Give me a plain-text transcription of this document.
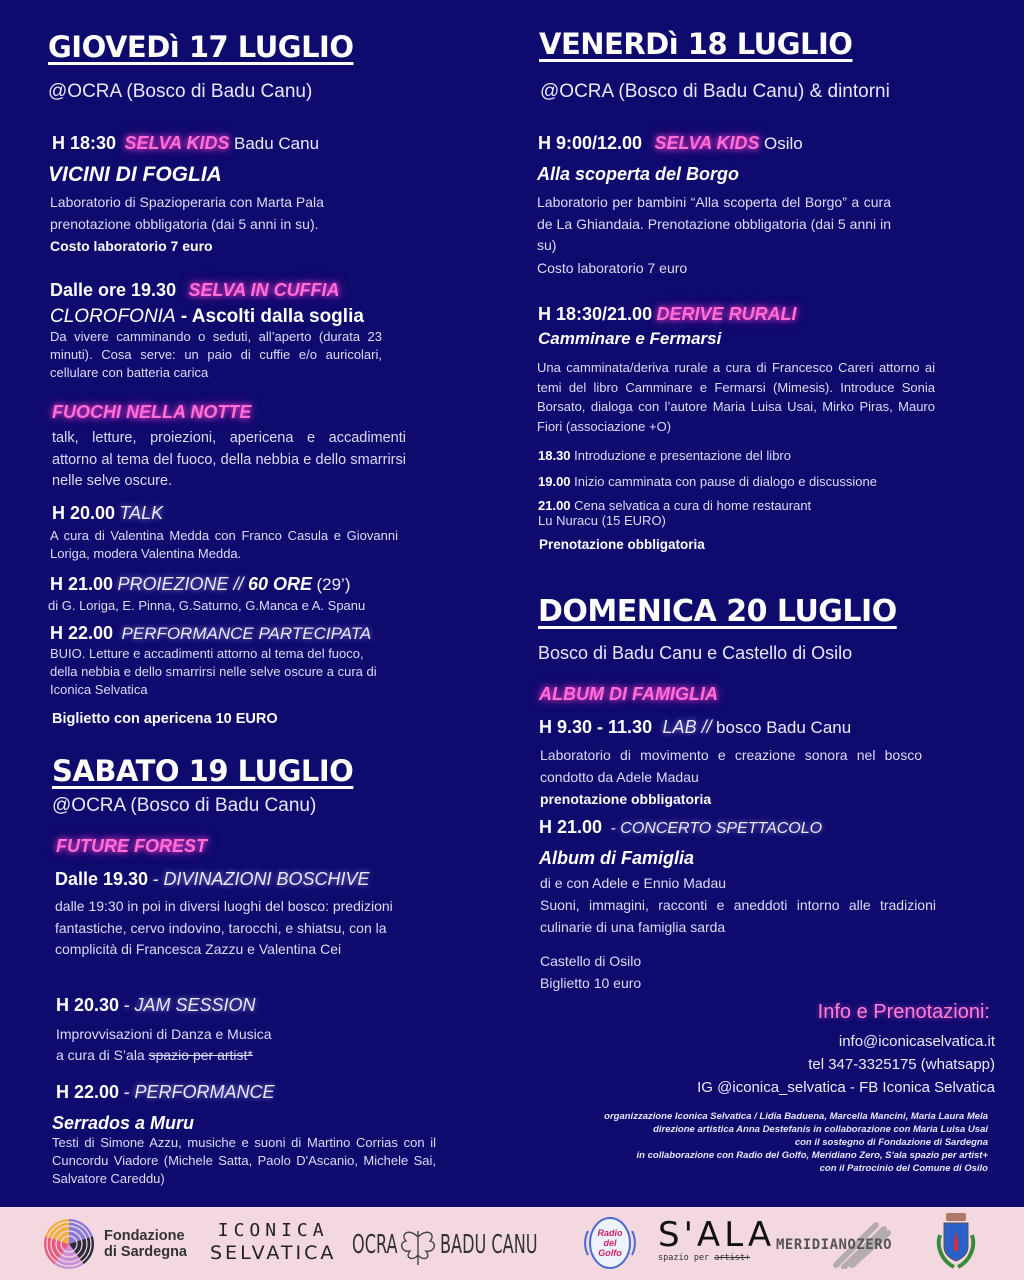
GIOVEDì 17 LUGLIO
@OCRA (Bosco di Badu Canu)
H 18:30 SELVA KIDS Badu Canu
VICINI DI FOGLIA
Laboratorio di Spazioperaria con Marta Pala
prenotazione obbligatoria (dai 5 anni in su).
Costo laboratorio 7 euro
Dalle ore 19.30 SELVA IN CUFFIA
CLOROFONIA - Ascolti dalla soglia
Da vivere camminando o seduti, all’aperto (durata 23 minuti). Cosa serve: un paio di cuffie e/o auricolari, cellulare con batteria carica
FUOCHI NELLA NOTTE
talk, letture, proiezioni, apericena e accadimenti attorno al tema del fuoco, della nebbia e dello smarrirsi nelle selve oscure.
H 20.00 TALK
A cura di Valentina Medda con Franco Casula e Giovanni Loriga, modera Valentina Medda.
H 21.00 PROIEZIONE // 60 ORE (29’)
di G. Loriga, E. Pinna, G.Saturno, G.Manca e A. Spanu
H 22.00 PERFORMANCE PARTECIPATA
BUIO. Letture e accadimenti attorno al tema del fuoco,
della nebbia e dello smarrirsi nelle selve oscure a cura di
Iconica Selvatica
Biglietto con apericena 10 EURO
SABATO 19 LUGLIO
@OCRA (Bosco di Badu Canu)
FUTURE FOREST
Dalle 19.30 - DIVINAZIONI BOSCHIVE
dalle 19:30 in poi in diversi luoghi del bosco: predizioni fantastiche, cervo indovino, tarocchi, e shiatsu, con la complicità di Francesca Zazzu e Valentina Cei
H 20.30 - JAM SESSION
Improvvisazioni di Danza e Musica
a cura di S’ala spazio per artist*
H 22.00 - PERFORMANCE
Serrados a Muru
Testi di Simone Azzu, musiche e suoni di Martino Corrias con il Cuncordu Viadore (Michele Satta, Paolo D'Ascanio, Michele Sai, Salvatore Careddu)
VENERDì 18 LUGLIO
@OCRA (Bosco di Badu Canu) & dintorni
H 9:00/12.00 SELVA KIDS Osilo
Alla scoperta del Borgo
Laboratorio per bambini “Alla scoperta del Borgo” a cura de La Ghiandaia. Prenotazione obbligatoria (dai 5 anni in su)
Costo laboratorio 7 euro
H 18:30/21.00 DERIVE RURALI
Camminare e Fermarsi
Una camminata/deriva rurale a cura di Francesco Careri attorno ai temi del libro Camminare e Fermarsi (Mimesis). Introduce Sonia Borsato, dialoga con l’autore Maria Luisa Usai, Mirko Piras, Mauro Fiori (associazione +O)
18.30 Introduzione e presentazione del libro
19.00 Inizio camminata con pause di dialogo e discussione
21.00 Cena selvatica a cura di home restaurant
Lu Nuracu (15 EURO)
Prenotazione obbligatoria
DOMENICA 20 LUGLIO
Bosco di Badu Canu e Castello di Osilo
ALBUM DI FAMIGLIA
H 9.30 - 11.30 LAB // bosco Badu Canu
Laboratorio di movimento e creazione sonora nel bosco condotto da Adele Madau
prenotazione obbligatoria
H 21.00 - CONCERTO SPETTACOLO
Album di Famiglia
di e con Adele e Ennio Madau
Suoni, immagini, racconti e aneddoti intorno alle tradizioni culinarie di una famiglia sarda
Castello di Osilo
Biglietto 10 euro
Info e Prenotazioni:
info@iconicaselvatica.it
tel 347-3325175 (whatsapp)
IG @iconica_selvatica - FB Iconica Selvatica
organizzazione Iconica Selvatica / Lidia Baduena, Marcella Mancini, Maria Laura Mela
direzione artistica Anna Destefanis in collaborazione con Maria Luisa Usai
con il sostegno di Fondazione di Sardegna
in collaborazione con Radio del Golfo, Meridiano Zero, S'ala spazio per artist+
con il Patrocinio del Comune di Osilo
Fondazione
di Sardegna
ICONICA
SELVATICA OCRA BADU CANU	Radio
del
Golfo	S'ALA
spazio per artist+
MERIDIANOZERO
